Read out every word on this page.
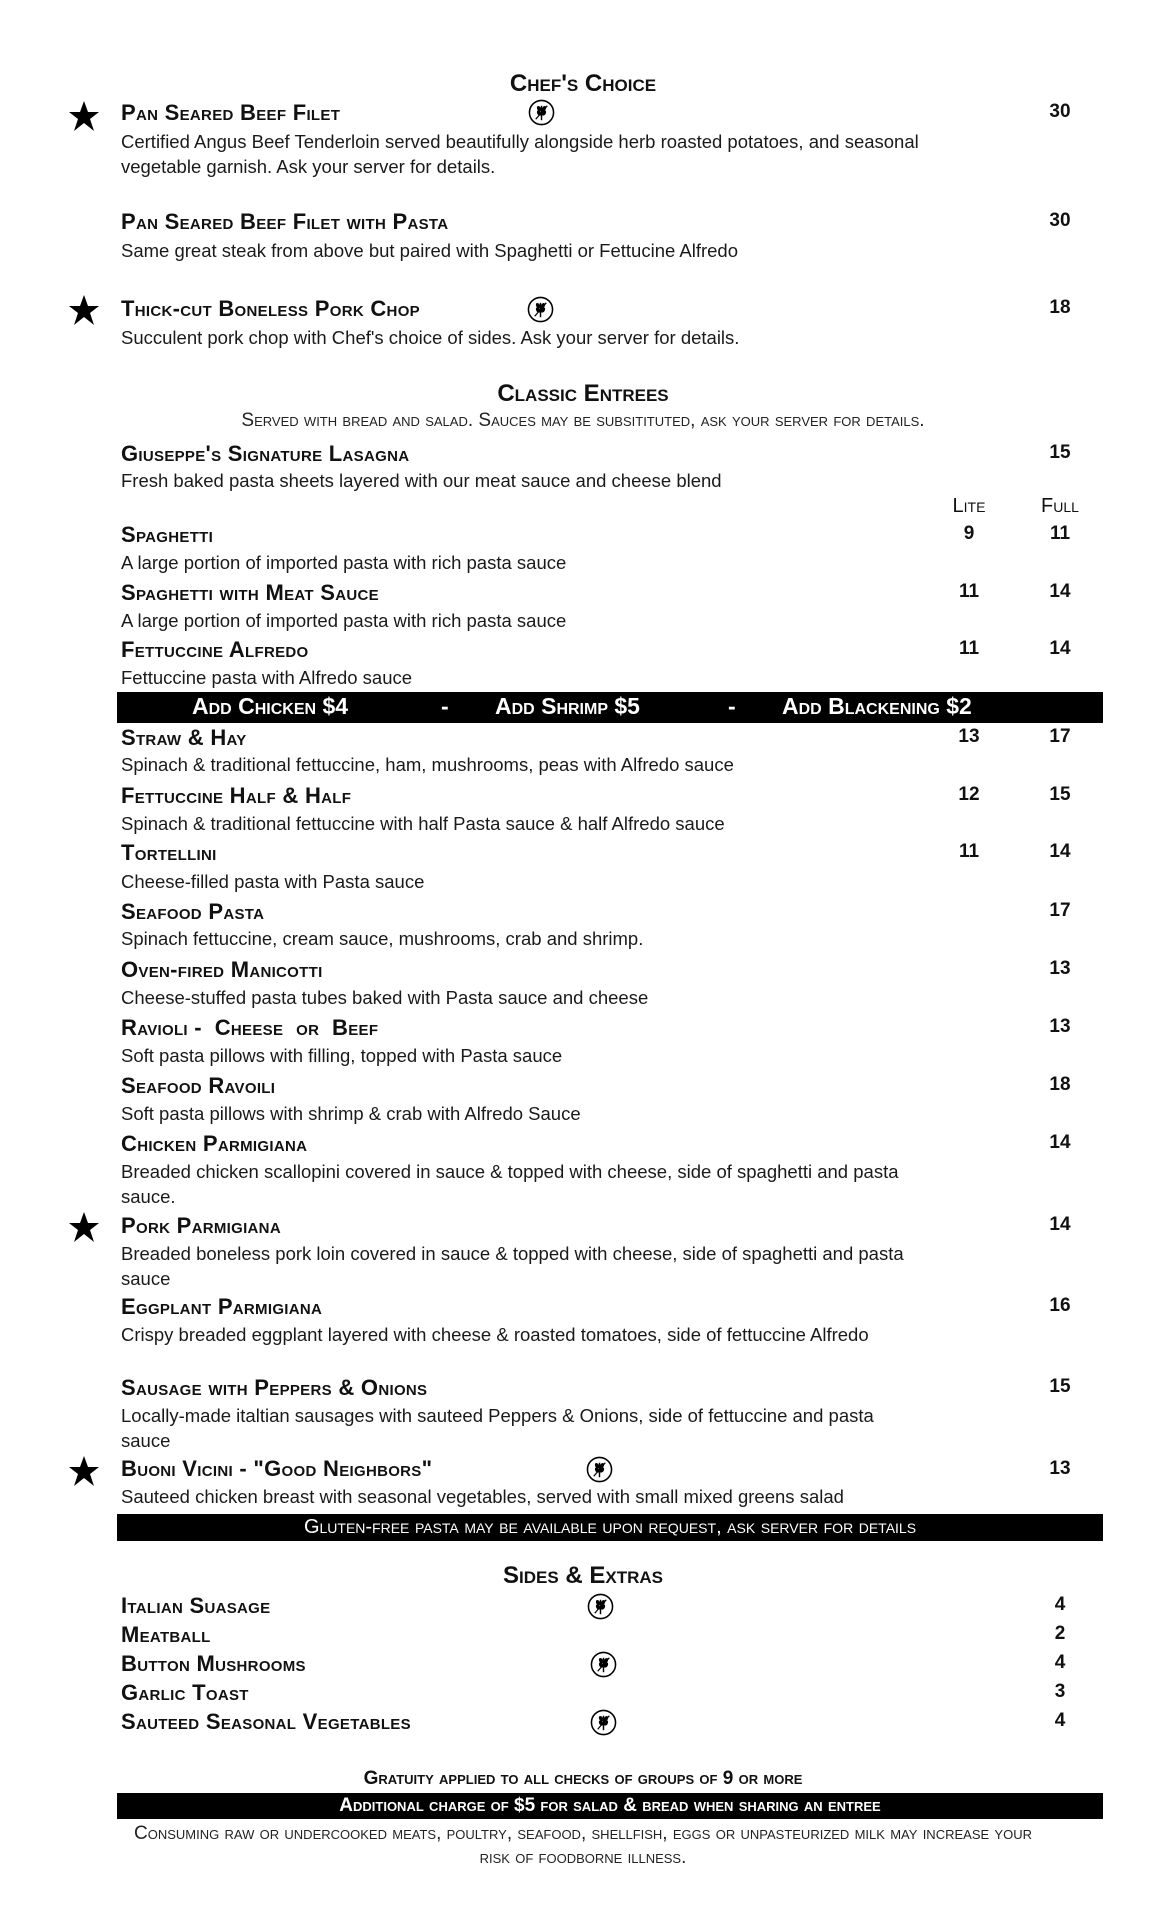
Chef's Choice
Pan Seared Beef Filet	30
Certified Angus Beef Tenderloin served beautifully alongside herb roasted potatoes, and seasonal vegetable garnish. Ask your server for details.
Pan Seared Beef Filet with Pasta	30
Same great steak from above but paired with Spaghetti or Fettucine Alfredo
Thick-cut Boneless Pork Chop	18
Succulent pork chop with Chef's choice of sides. Ask your server for details.
Classic Entrees
Served with bread and salad. Sauces may be subsitituted, ask your server for details.
Giuseppe's Signature Lasagna	15
Fresh baked pasta sheets layered with our meat sauce and cheese blend
Lite	Full
Spaghetti	9	11
A large portion of imported pasta with rich pasta sauce
Spaghetti with Meat Sauce	11	14
A large portion of imported pasta with rich pasta sauce
Fettuccine Alfredo	11	14
Fettuccine pasta with Alfredo sauce
Add Chicken $4	- Add Shrimp $5	- Add Blackening $2
Straw & Hay	13	17
Spinach & traditional fettuccine, ham, mushrooms, peas with Alfredo sauce
Fettuccine Half & Half	12	15
Spinach & traditional fettuccine with half Pasta sauce & half Alfredo sauce
Tortellini	11	14
Cheese-filled pasta with Pasta sauce
Seafood Pasta	17
Spinach fettuccine, cream sauce, mushrooms, crab and shrimp.
Oven-fired Manicotti	13
Cheese-stuffed pasta tubes baked with Pasta sauce and cheese
Ravioli -  Cheese  or  Beef	13
Soft pasta pillows with filling, topped with Pasta sauce
Seafood Ravoili	18
Soft pasta pillows with shrimp & crab with Alfredo Sauce
Chicken Parmigiana	14
Breaded chicken scallopini covered in sauce & topped with cheese, side of spaghetti and pasta sauce.
Pork Parmigiana	14
Breaded boneless pork loin covered in sauce & topped with cheese, side of spaghetti and pasta sauce
Eggplant Parmigiana	16
Crispy breaded eggplant layered with cheese & roasted tomatoes, side of fettuccine Alfredo
Sausage with Peppers & Onions	15
Locally-made italtian sausages with sauteed Peppers & Onions, side of fettuccine and pasta sauce
Buoni Vicini - "Good Neighbors"	13
Sauteed chicken breast with seasonal vegetables, served with small mixed greens salad
Gluten-free pasta may be available upon request, ask server for details
Sides & Extras
Italian Suasage	4
Meatball	2
Button Mushrooms	4
Garlic Toast	3
Sauteed Seasonal Vegetables	4
Gratuity applied to all checks of groups of 9 or more
Additional charge of $5 for salad & bread when sharing an entree
Consuming raw or undercooked meats, poultry, seafood, shellfish, eggs or unpasteurized milk may increase your risk of foodborne illness.
